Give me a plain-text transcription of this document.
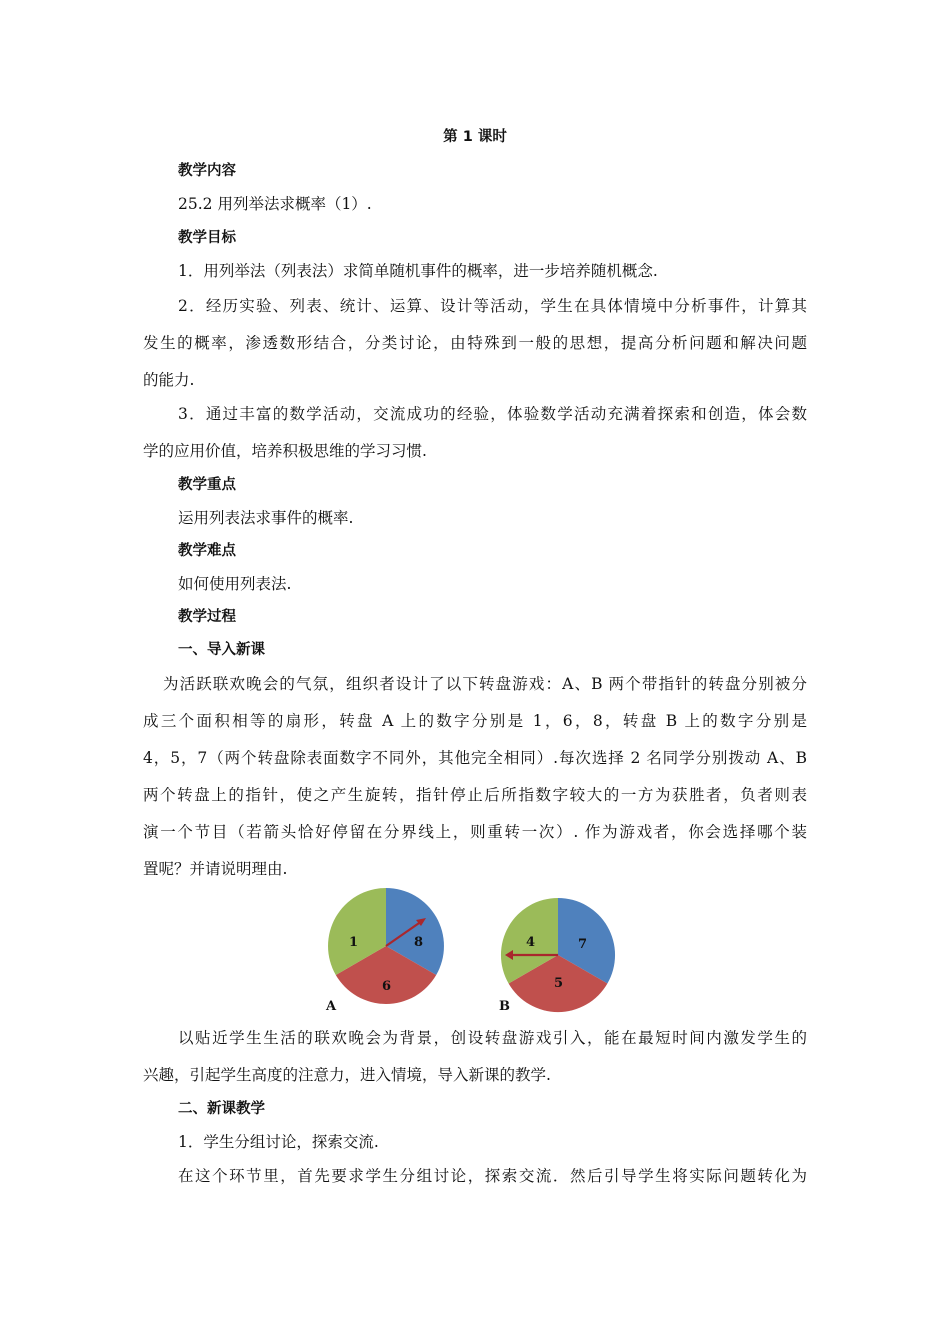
第 1 课时
教学内容
25.2 用列举法求概率（1）.
教学目标
1．用列举法（列表法）求简单随机事件的概率，进一步培养随机概念.
2．经历实验、列表、统计、运算、设计等活动，学生在具体情境中分析事件，计算其
发生的概率，渗透数形结合，分类讨论，由特殊到一般的思想，提高分析问题和解决问题
的能力.
3．通过丰富的数学活动，交流成功的经验，体验数学活动充满着探索和创造，体会数
学的应用价值，培养积极思维的学习习惯.
教学重点
运用列表法求事件的概率.
教学难点
如何使用列表法.
教学过程
一、导入新课
为活跃联欢晚会的气氛，组织者设计了以下转盘游戏：A、B 两个带指针的转盘分别被分
成三个面积相等的扇形，转盘 A 上的数字分别是 1，6，8，转盘 B 上的数字分别是
4，5，7（两个转盘除表面数字不同外，其他完全相同）.每次选择 2 名同学分别拨动 A、B
两个转盘上的指针，使之产生旋转，指针停止后所指数字较大的一方为获胜者，负者则表
演一个节目（若箭头恰好停留在分界线上，则重转一次）. 作为游戏者，你会选择哪个装
置呢？并请说明理由.
1	8
6
A
4	7
5
B
以贴近学生生活的联欢晚会为背景，创设转盘游戏引入，能在最短时间内激发学生的
兴趣，引起学生高度的注意力，进入情境，导入新课的教学.
二、新课教学
1．学生分组讨论，探索交流.
在这个环节里，首先要求学生分组讨论，探索交流．然后引导学生将实际问题转化为
